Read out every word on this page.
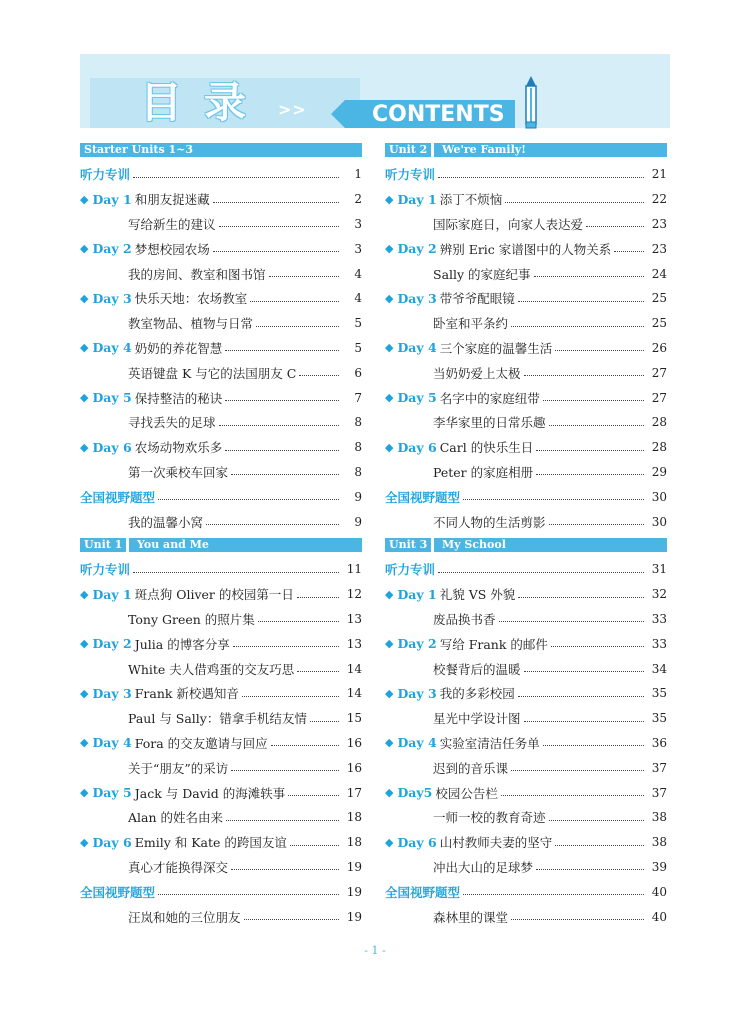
目录 >>	CONTENTS
Starter Units 1~3
听力专训	1
◆ Day 1 和朋友捉迷藏	2
写给新生的建议	3
◆ Day 2 梦想校园农场	3
我的房间、教室和图书馆	4
◆ Day 3 快乐天地：农场教室	4
教室物品、植物与日常	5
◆ Day 4 奶奶的养花智慧	5
英语键盘 K 与它的法国朋友 C	6
◆ Day 5 保持整洁的秘诀	7
寻找丢失的足球	8
◆ Day 6 农场动物欢乐多	8
第一次乘校车回家	8
全国视野题型	9
我的温馨小窝	9
Unit 1	You and Me
听力专训	11
◆ Day 1 斑点狗 Oliver 的校园第一日	12
Tony Green 的照片集	13
◆ Day 2 Julia 的博客分享	13
White 夫人借鸡蛋的交友巧思	14
◆ Day 3 Frank 新校遇知音	14
Paul 与 Sally：错拿手机结友情	15
◆ Day 4 Fora 的交友邀请与回应	16
关于“朋友”的采访	16
◆ Day 5 Jack 与 David 的海滩轶事	17
Alan 的姓名由来	18
◆ Day 6 Emily 和 Kate 的跨国友谊	18
真心才能换得深交	19
全国视野题型	19
汪岚和她的三位朋友	19
Unit 2	We're Family!
听力专训	21
◆ Day 1 添丁不烦恼	22
国际家庭日，向家人表达爱	23
◆ Day 2 辨别 Eric 家谱图中的人物关系	23
Sally 的家庭纪事	24
◆ Day 3 带爷爷配眼镜	25
卧室和平条约	25
◆ Day 4 三个家庭的温馨生活	26
当奶奶爱上太极	27
◆ Day 5 名字中的家庭纽带	27
李华家里的日常乐趣	28
◆ Day 6 Carl 的快乐生日	28
Peter 的家庭相册	29
全国视野题型	30
不同人物的生活剪影	30
Unit 3	My School
听力专训	31
◆ Day 1 礼貌 VS 外貌	32
废品换书香	33
◆ Day 2 写给 Frank 的邮件	33
校餐背后的温暖	34
◆ Day 3 我的多彩校园	35
星光中学设计图	35
◆ Day 4 实验室清洁任务单	36
迟到的音乐课	37
◆ Day5 校园公告栏	37
一师一校的教育奇迹	38
◆ Day 6 山村教师夫妻的坚守	38
冲出大山的足球梦	39
全国视野题型	40
森林里的课堂	40
- 1 -
